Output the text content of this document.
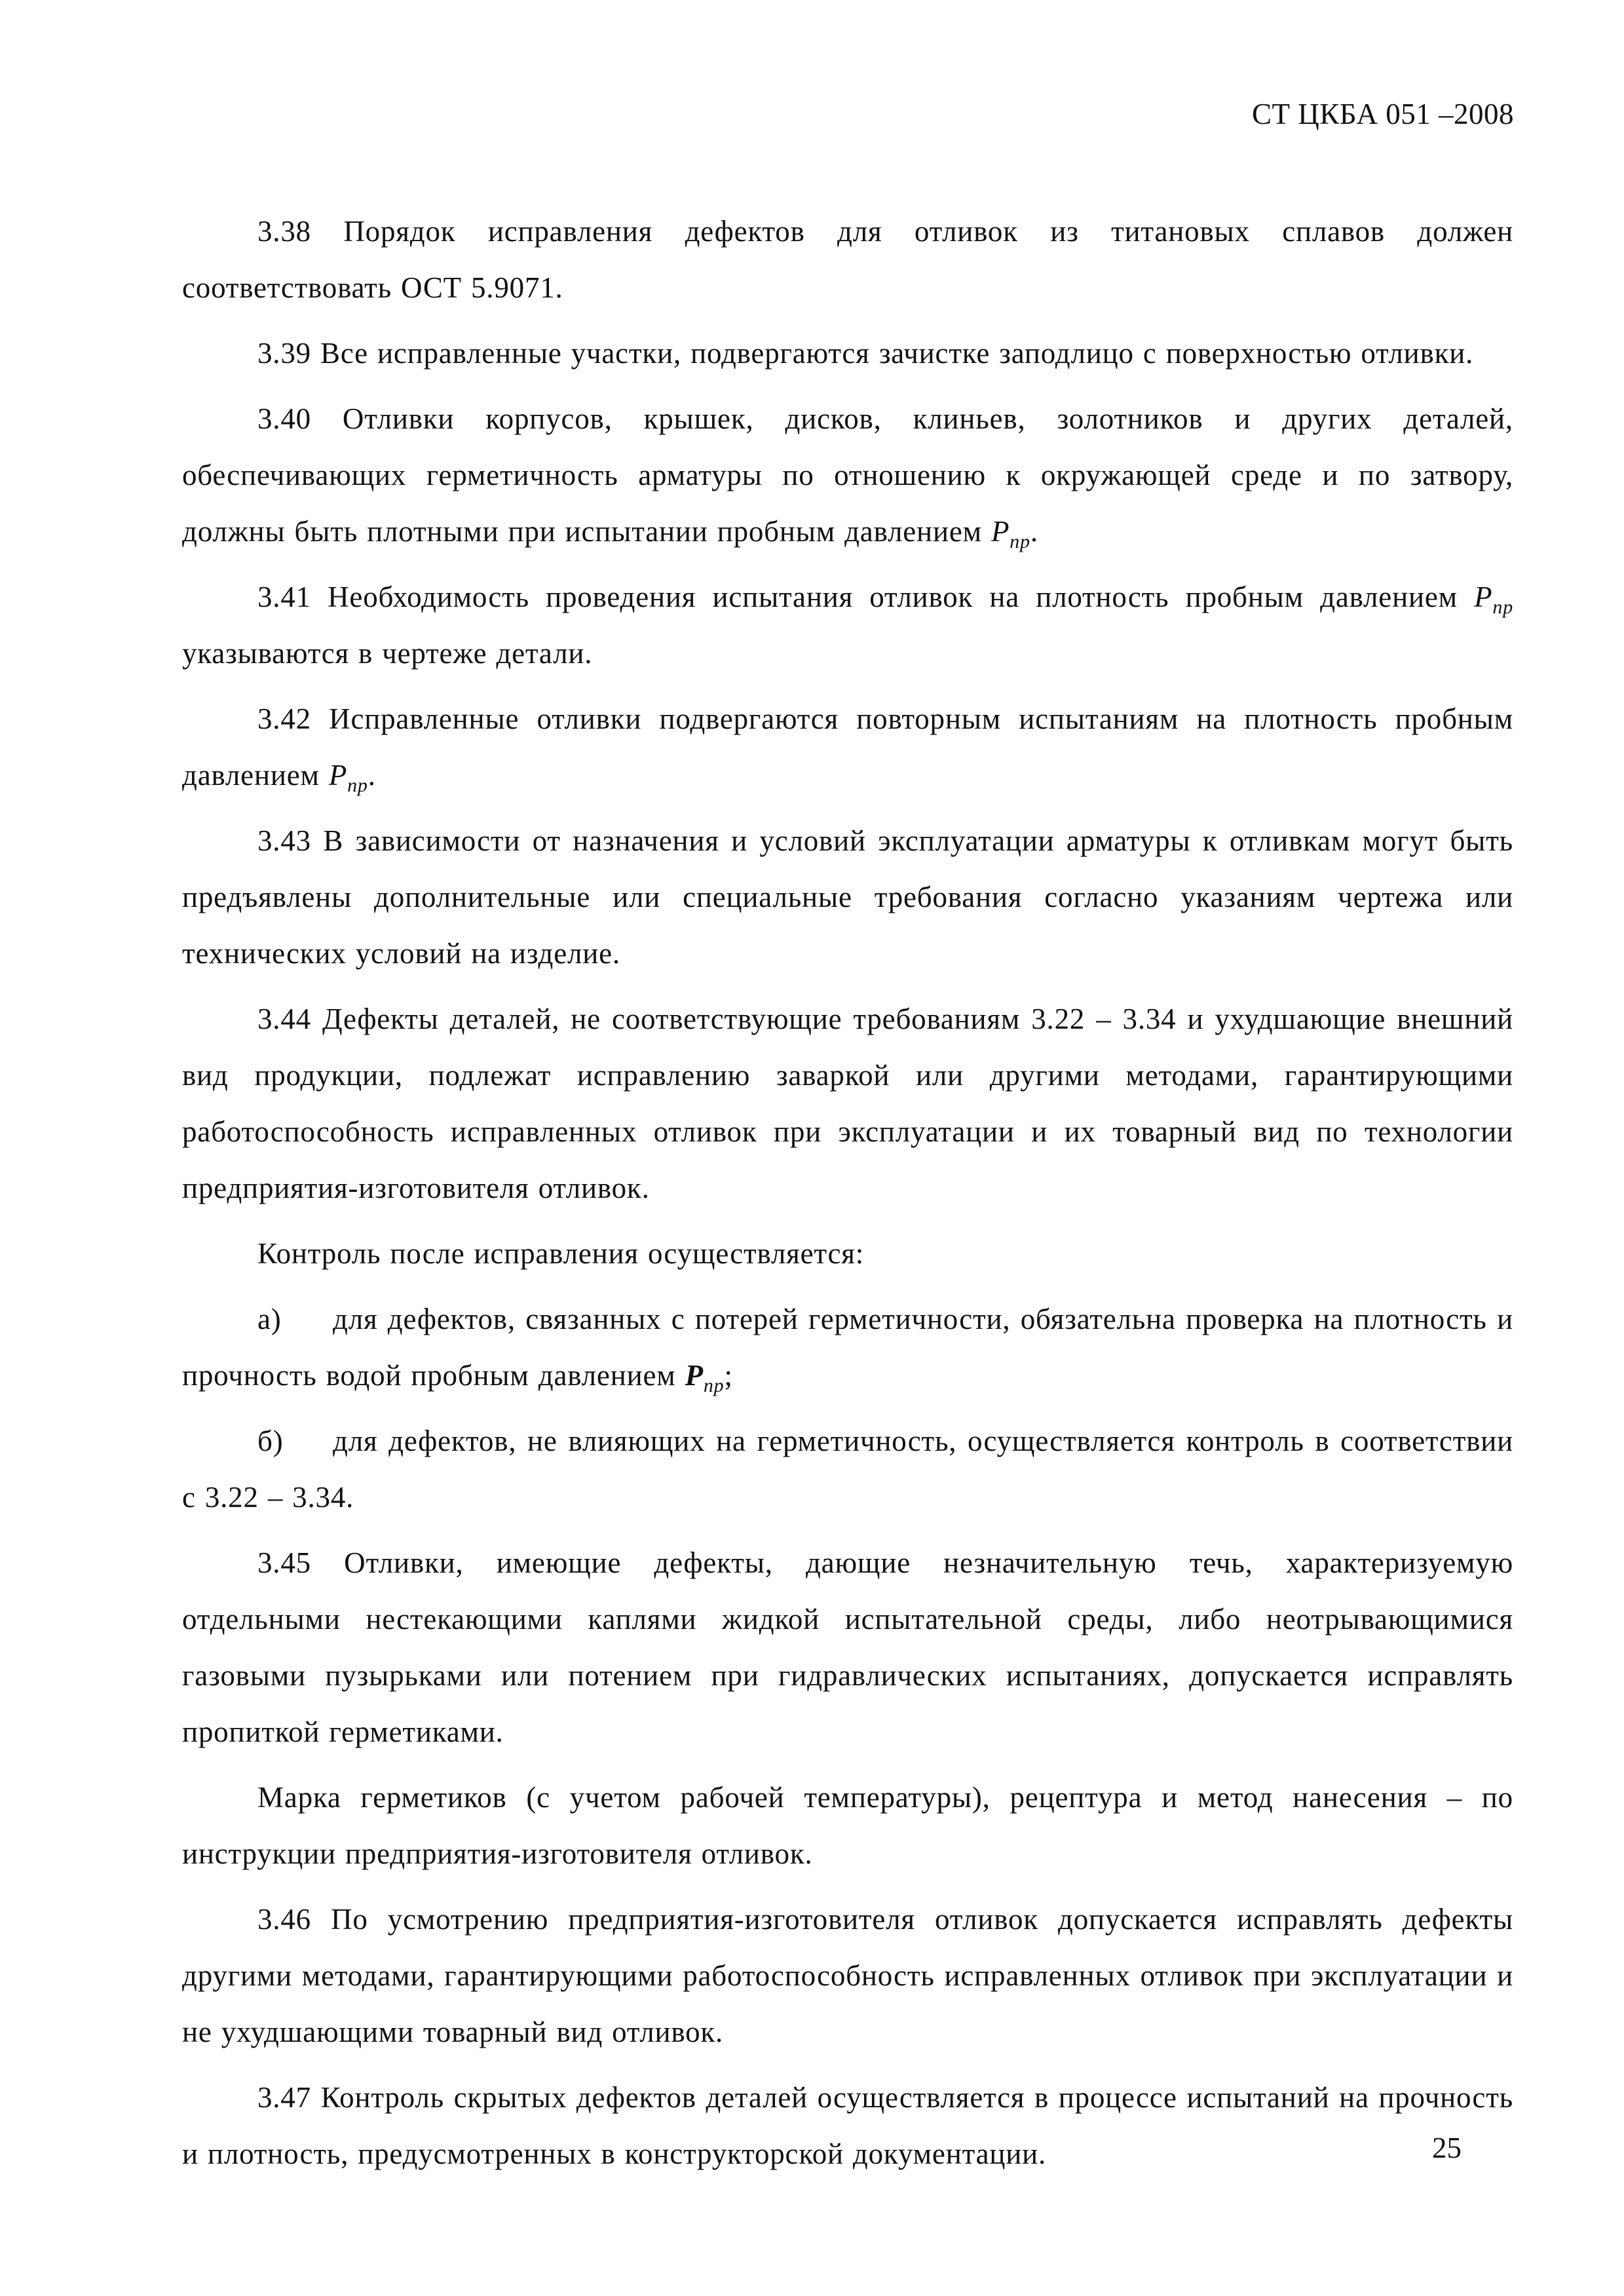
СТ ЦКБА 051 –2008

3.38 Порядок исправления дефектов для отливок из титановых сплавов должен соответствовать ОСТ 5.9071.

3.39 Все исправленные участки, подвергаются зачистке заподлицо с поверхностью отливки.

3.40 Отливки корпусов, крышек, дисков, клиньев, золотников и других деталей, обеспечивающих герметичность арматуры по отношению к окружающей среде и по затвору, должны быть плотными при испытании пробным давлением $P_{пр}$.

3.41 Необходимость проведения испытания отливок на плотность пробным давлением $P_{пр}$ указываются в чертеже детали.

3.42 Исправленные отливки подвергаются повторным испытаниям на плотность пробным давлением $P_{пр}$.

3.43 В зависимости от назначения и условий эксплуатации арматуры к отливкам могут быть предъявлены дополнительные или специальные требования согласно указаниям чертежа или технических условий на изделие.

3.44 Дефекты деталей, не соответствующие требованиям 3.22 – 3.34 и ухудшающие внешний вид продукции, подлежат исправлению заваркой или другими методами, гарантирующими работоспособность исправленных отливок при эксплуатации и их товарный вид по технологии предприятия-изготовителя отливок.

Контроль после исправления осуществляется:

а) для дефектов, связанных с потерей герметичности, обязательна проверка на плотность и прочность водой пробным давлением $P_{пр}$;

б) для дефектов, не влияющих на герметичность, осуществляется контроль в соответствии с 3.22 – 3.34.

3.45 Отливки, имеющие дефекты, дающие незначительную течь, характеризуемую отдельными нестекающими каплями жидкой испытательной среды, либо неотрывающимися газовыми пузырьками или потением при гидравлических испытаниях, допускается исправлять пропиткой герметиками.

Марка герметиков (с учетом рабочей температуры), рецептура и метод нанесения – по инструкции предприятия-изготовителя отливок.

3.46 По усмотрению предприятия-изготовителя отливок допускается исправлять дефекты другими методами, гарантирующими работоспособность исправленных отливок при эксплуатации и не ухудшающими товарный вид отливок.

3.47 Контроль скрытых дефектов деталей осуществляется в процессе испытаний на прочность и плотность, предусмотренных в конструкторской документации.	25
